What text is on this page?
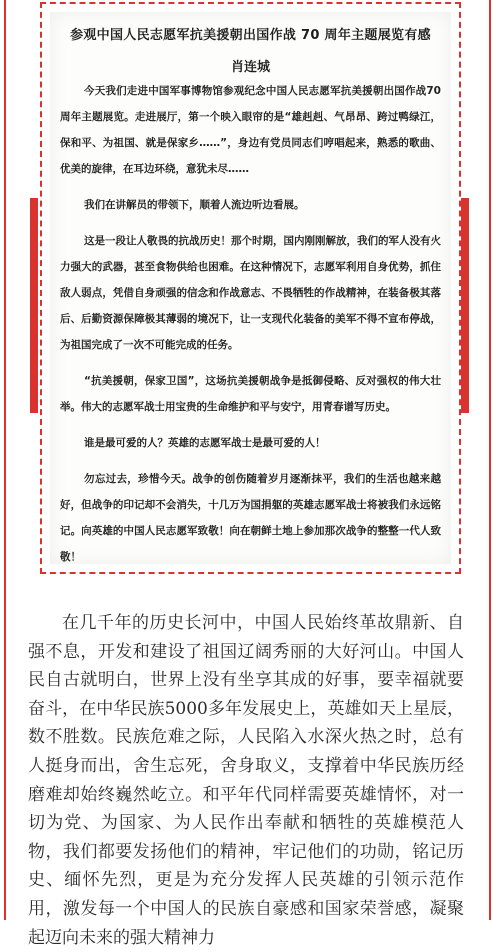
参观中国人民志愿军抗美援朝出国作战 70 周年主题展览有感
肖连城

今天我们走进中国军事博物馆参观纪念中国人民志愿军抗美援朝出国作战70周年主题展览。走进展厅，第一个映入眼帘的是“雄赳赳、气昂昂、跨过鸭绿江，保和平、为祖国、就是保家乡……”，身边有党员同志们哼唱起来，熟悉的歌曲、优美的旋律，在耳边环绕，意犹未尽……

我们在讲解员的带领下，顺着人流边听边看展。

这是一段让人敬畏的抗战历史！那个时期，国内刚刚解放，我们的军人没有火力强大的武器，甚至食物供给也困难。在这种情况下，志愿军利用自身优势，抓住敌人弱点，凭借自身顽强的信念和作战意志、不畏牺牲的作战精神，在装备极其落后、后勤资源保障极其薄弱的境况下，让一支现代化装备的美军不得不宣布停战，为祖国完成了一次不可能完成的任务。

“抗美援朝，保家卫国”，这场抗美援朝战争是抵御侵略、反对强权的伟大壮举。伟大的志愿军战士用宝贵的生命维护和平与安宁，用青春谱写历史。

谁是最可爱的人？英雄的志愿军战士是最可爱的人！

勿忘过去，珍惜今天。战争的创伤随着岁月逐渐抹平，我们的生活也越来越好，但战争的印记却不会消失，十几万为国捐躯的英雄志愿军战士将被我们永远铭记。向英雄的中国人民志愿军致敬！向在朝鲜土地上参加那次战争的整整一代人致敬！

在几千年的历史长河中，中国人民始终革故鼎新、自强不息，开发和建设了祖国辽阔秀丽的大好河山。中国人民自古就明白，世界上没有坐享其成的好事，要幸福就要奋斗，在中华民族5000多年发展史上，英雄如天上星辰，数不胜数。民族危难之际，人民陷入水深火热之时，总有人挺身而出，舍生忘死，舍身取义，支撑着中华民族历经磨难却始终巍然屹立。和平年代同样需要英雄情怀，对一切为党、为国家、为人民作出奉献和牺牲的英雄模范人物，我们都要发扬他们的精神，牢记他们的功勋，铭记历史、缅怀先烈，更是为充分发挥人民英雄的引领示范作用，激发每一个中国人的民族自豪感和国家荣誉感，凝聚起迈向未来的强大精神力
